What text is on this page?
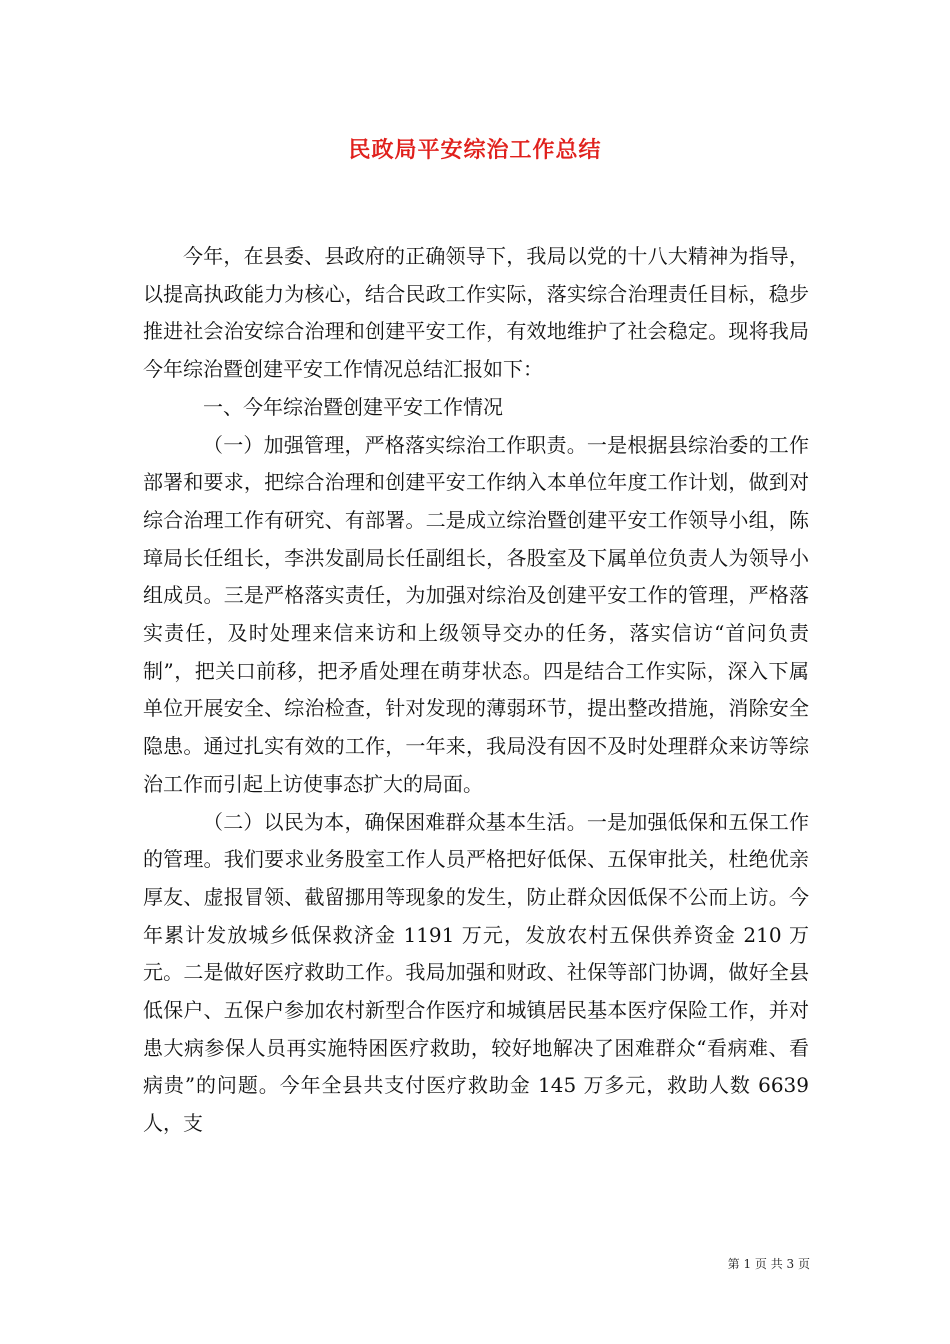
民政局平安综治工作总结

今年，在县委、县政府的正确领导下，我局以党的十八大精神为指导，以提高执政能力为核心，结合民政工作实际，落实综合治理责任目标，稳步推进社会治安综合治理和创建平安工作，有效地维护了社会稳定。现将我局今年综治暨创建平安工作情况总结汇报如下：

一、今年综治暨创建平安工作情况

（一）加强管理，严格落实综治工作职责。一是根据县综治委的工作部署和要求，把综合治理和创建平安工作纳入本单位年度工作计划，做到对综合治理工作有研究、有部署。二是成立综治暨创建平安工作领导小组，陈璋局长任组长，李洪发副局长任副组长，各股室及下属单位负责人为领导小组成员。三是严格落实责任，为加强对综治及创建平安工作的管理，严格落实责任，及时处理来信来访和上级领导交办的任务，落实信访“首问负责制”，把关口前移，把矛盾处理在萌芽状态。四是结合工作实际，深入下属单位开展安全、综治检查，针对发现的薄弱环节，提出整改措施，消除安全隐患。通过扎实有效的工作，一年来，我局没有因不及时处理群众来访等综治工作而引起上访使事态扩大的局面。

（二）以民为本，确保困难群众基本生活。一是加强低保和五保工作的管理。我们要求业务股室工作人员严格把好低保、五保审批关，杜绝优亲厚友、虚报冒领、截留挪用等现象的发生，防止群众因低保不公而上访。今年累计发放城乡低保救济金 1191 万元，发放农村五保供养资金 210 万元。二是做好医疗救助工作。我局加强和财政、社保等部门协调，做好全县低保户、五保户参加农村新型合作医疗和城镇居民基本医疗保险工作，并对患大病参保人员再实施特困医疗救助，较好地解决了困难群众“看病难、看病贵”的问题。今年全县共支付医疗救助金 145 万多元，救助人数 6639 人，支

第 1 页 共 3 页
